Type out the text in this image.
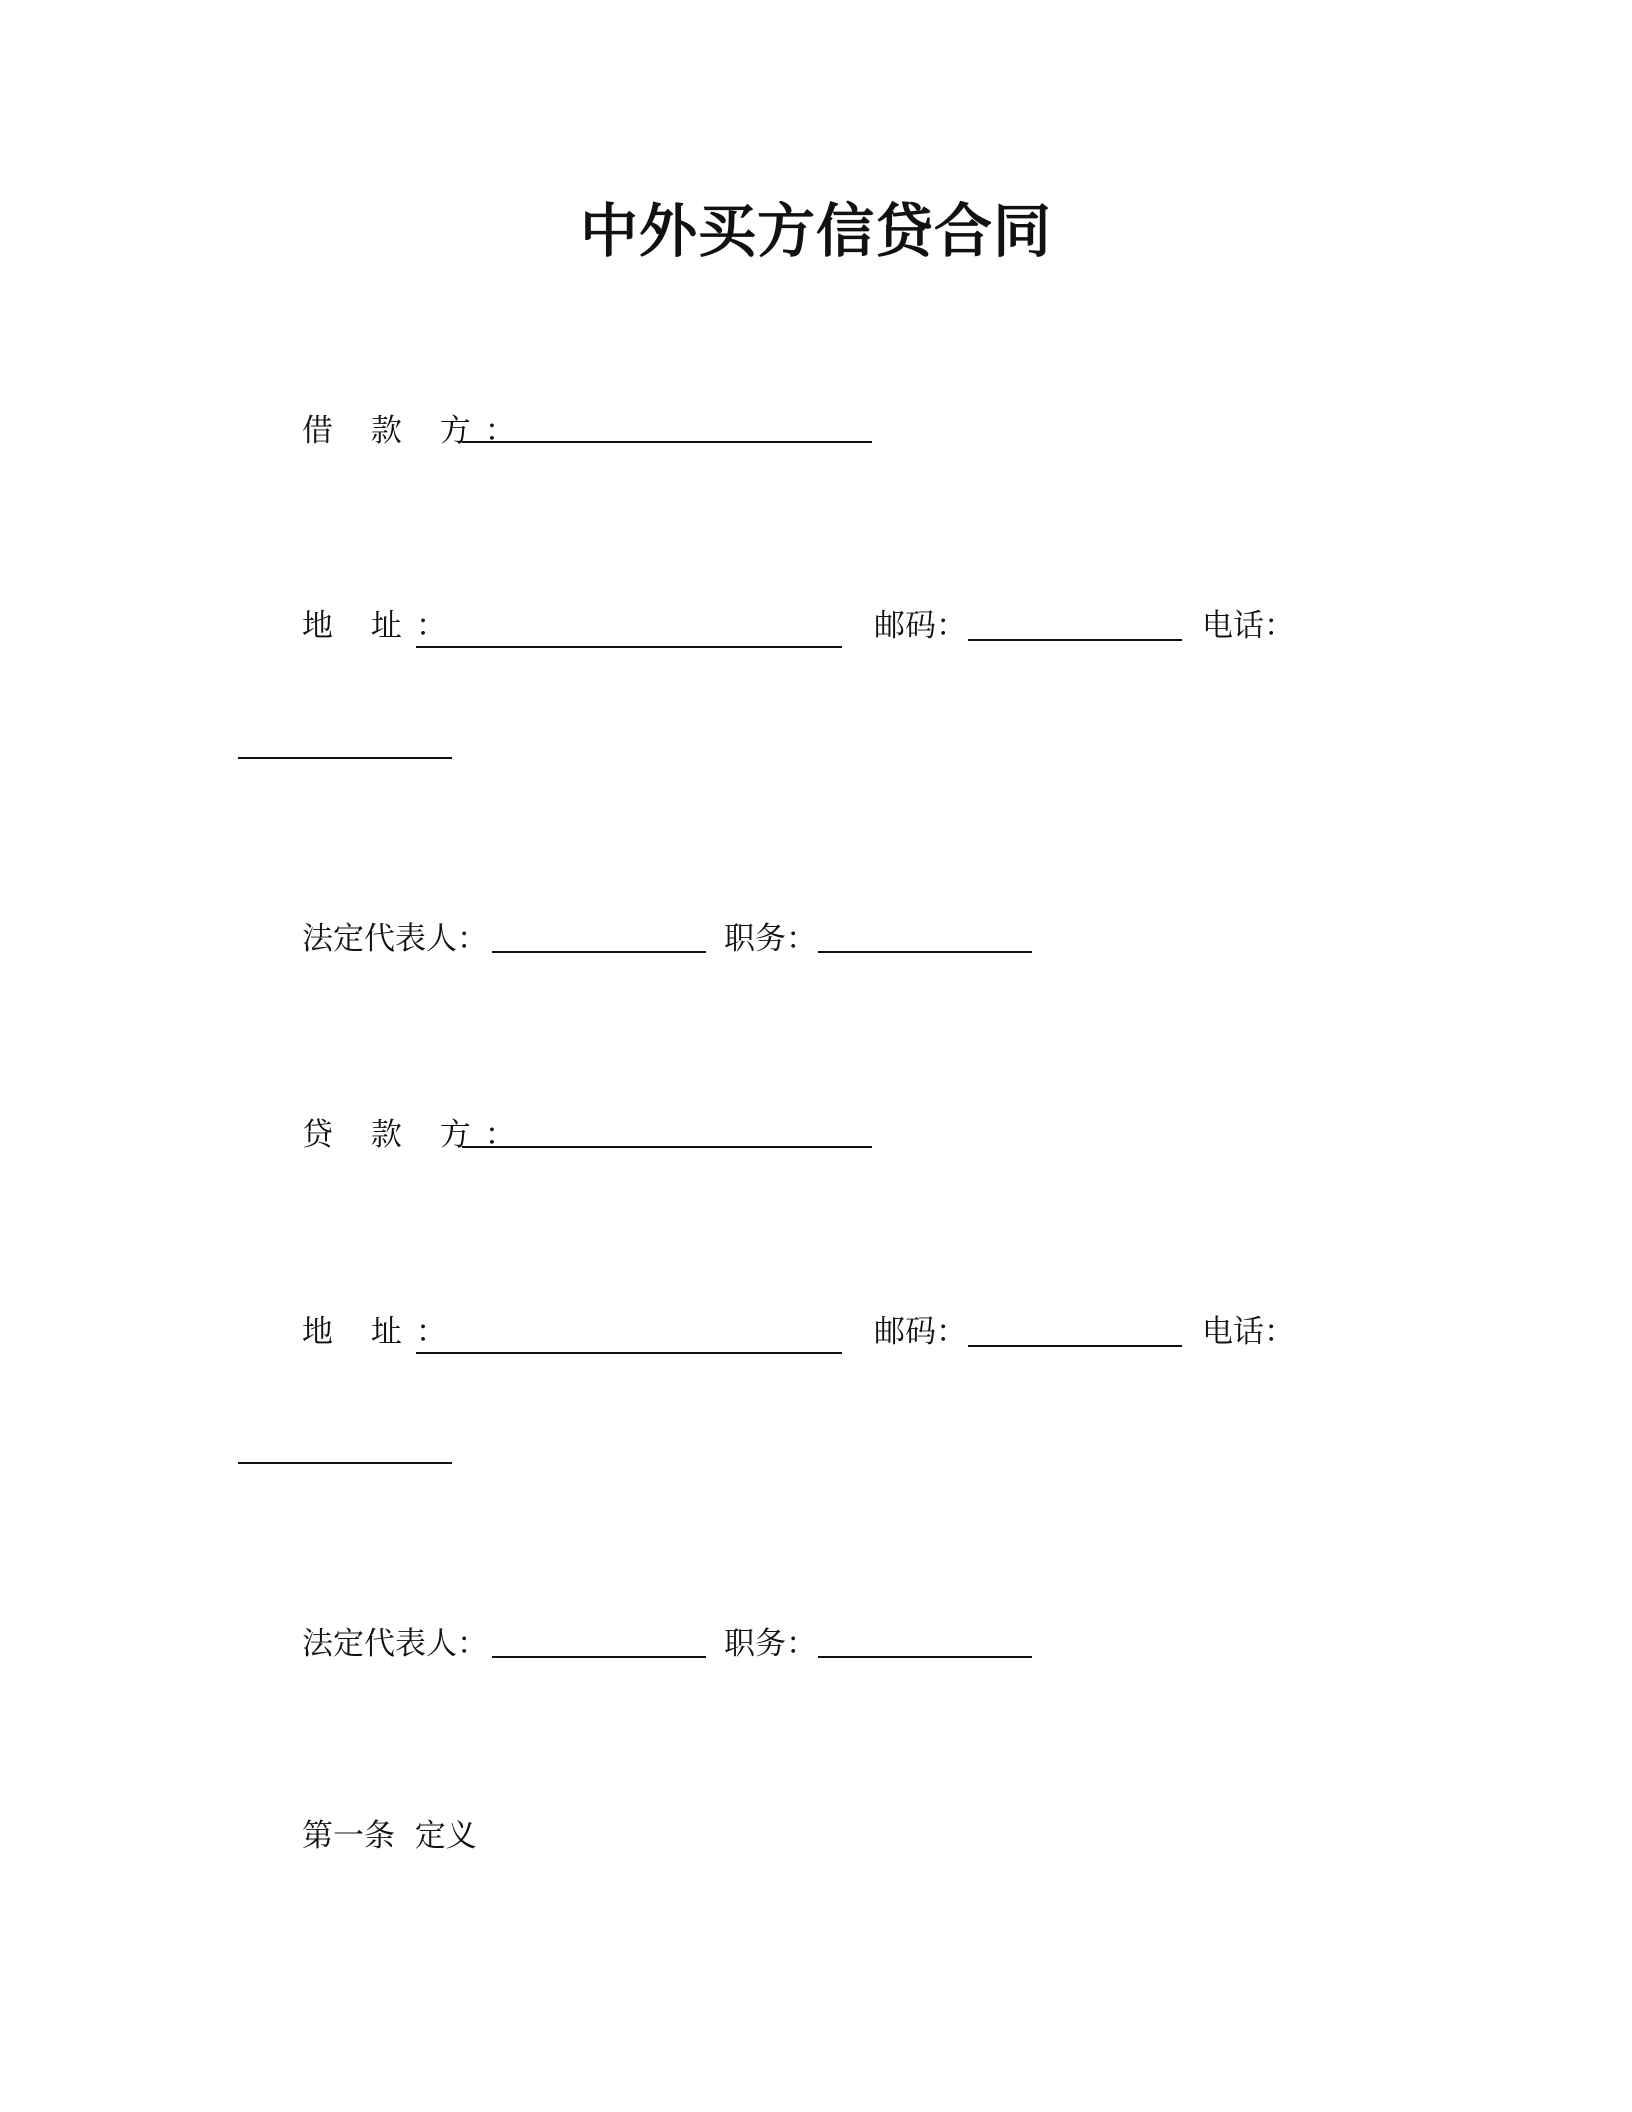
中外买方信贷合同
借 款 方：
地 址：	邮码：	电话：
法定代表人：	职务：
贷 款 方：
地 址：	邮码：	电话：
法定代表人：	职务：
第一条  定义
